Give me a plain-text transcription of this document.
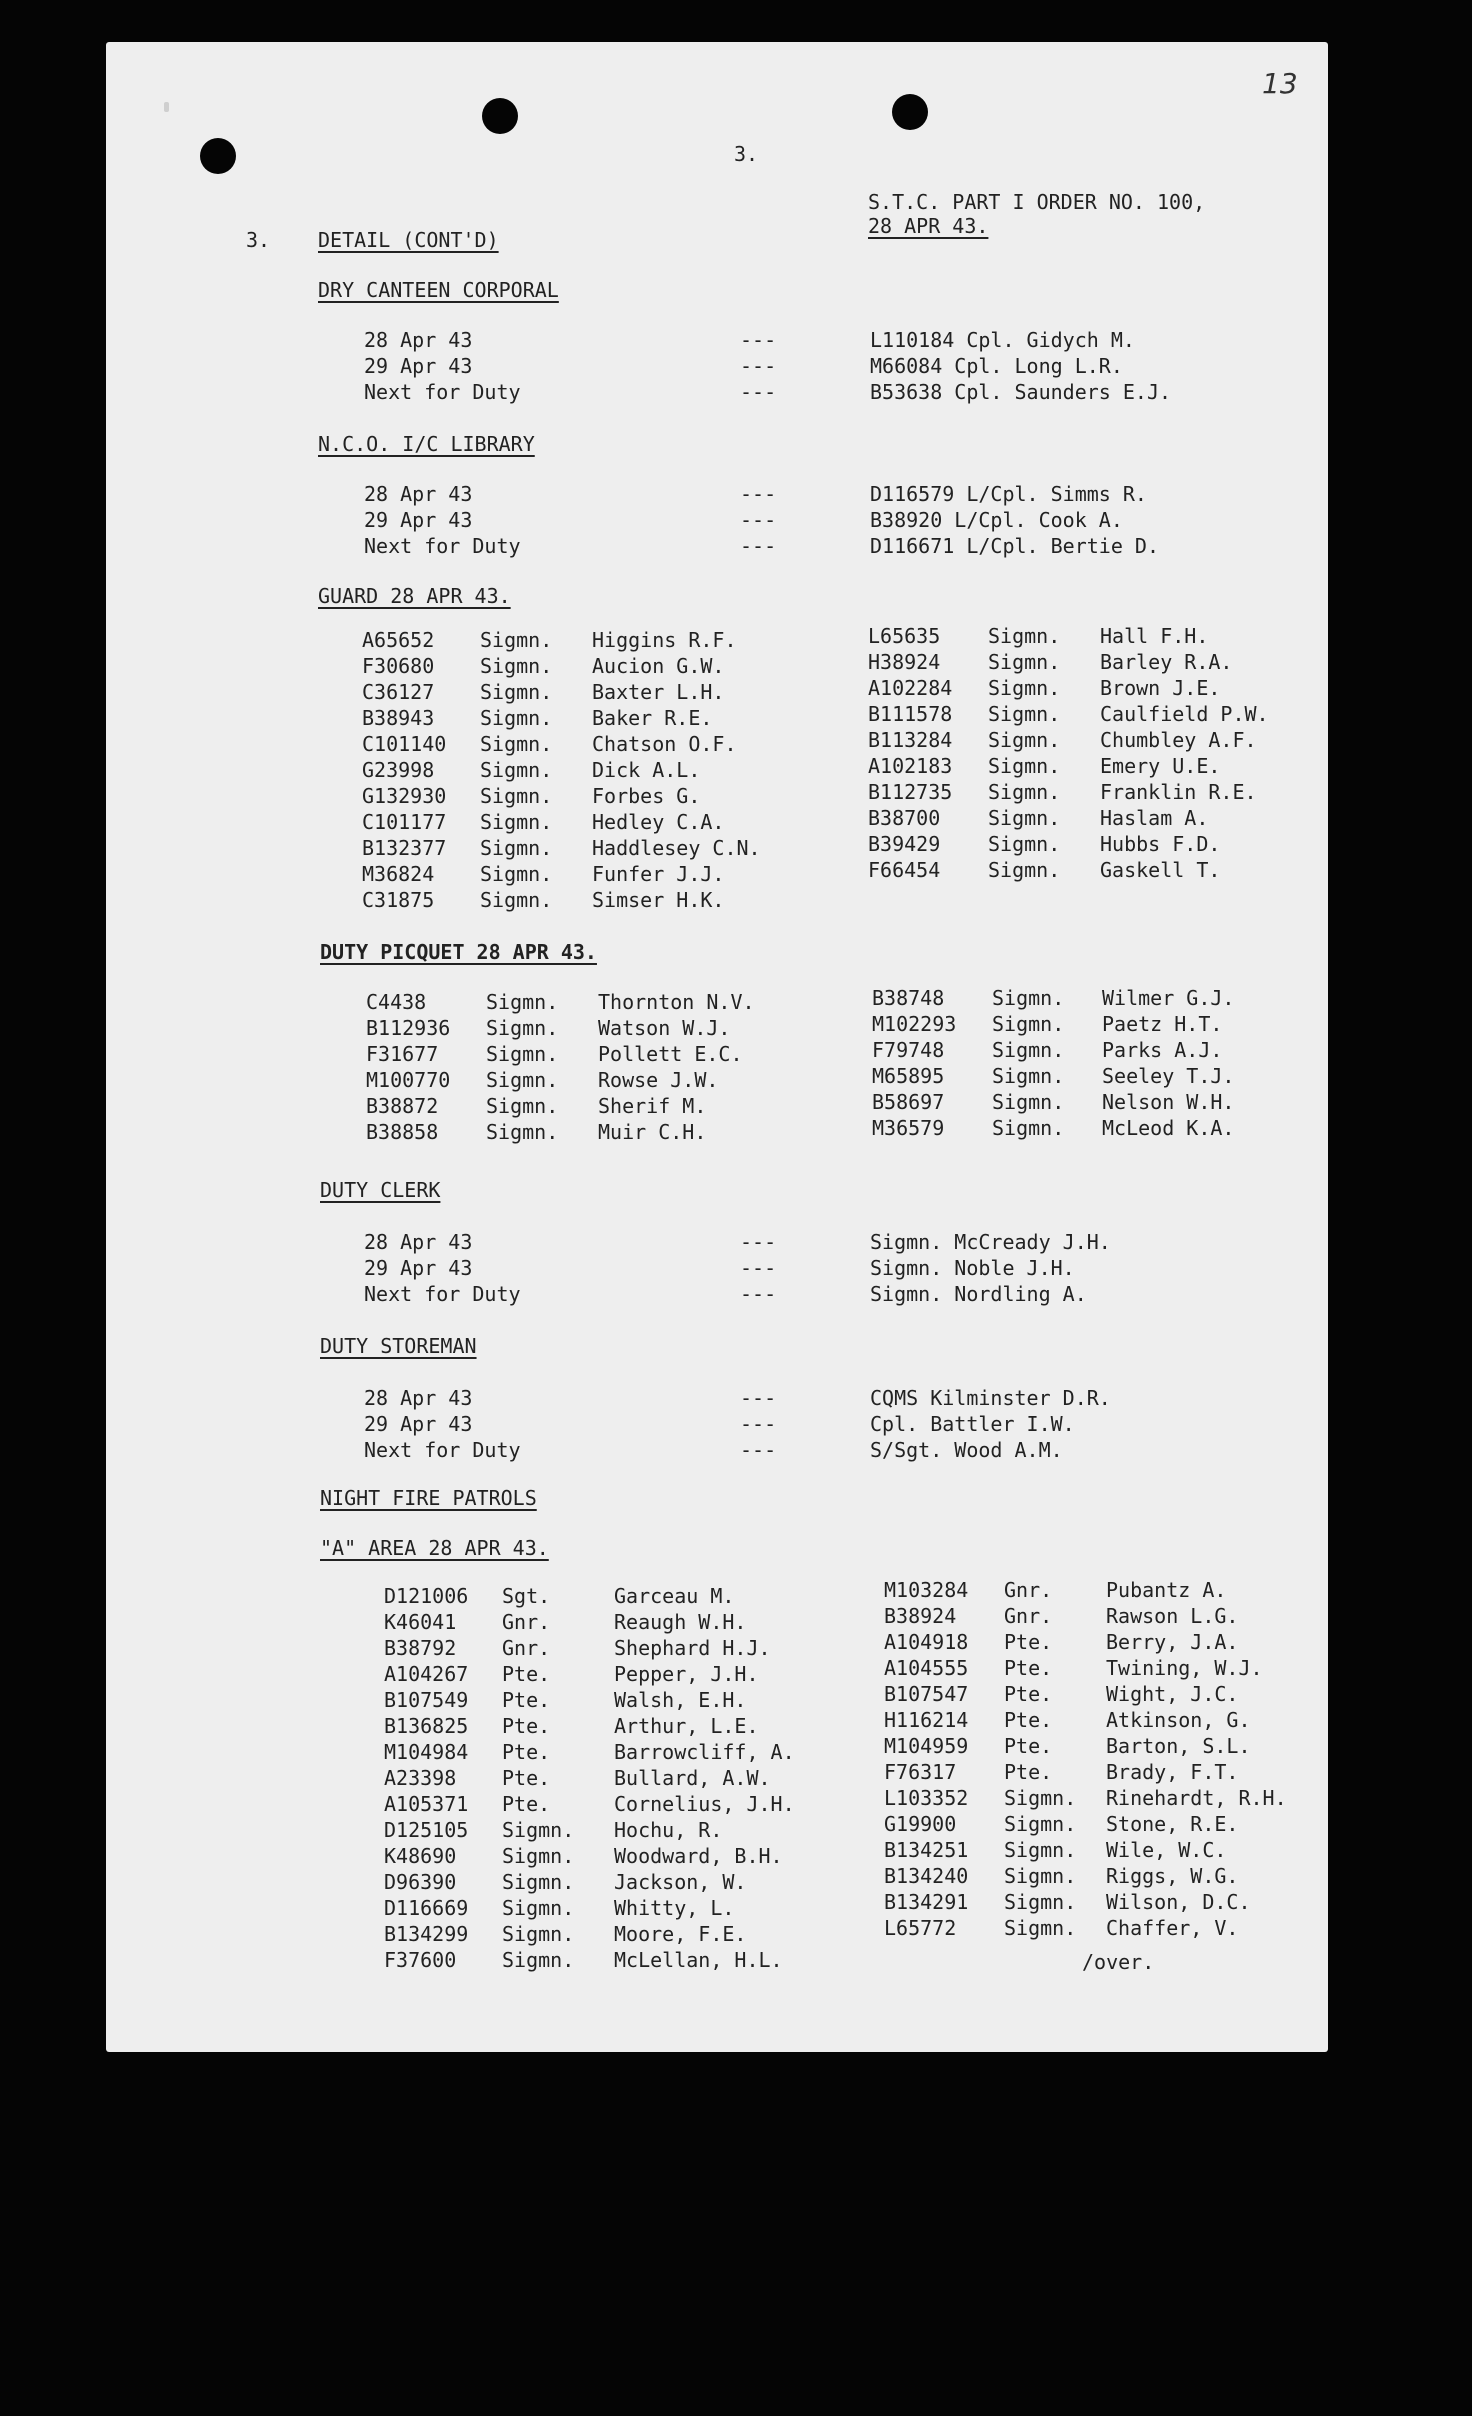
13
3.
S.T.C. PART I ORDER NO. 100,
28 APR 43.
3. DETAIL (CONT'D)
DRY CANTEEN CORPORAL
28 Apr 43	---	L110184 Cpl. Gidych M.
29 Apr 43	---	M66084 Cpl. Long L.R.
Next for Duty	---	B53638 Cpl. Saunders E.J.
N.C.O. I/C LIBRARY
28 Apr 43	---	D116579 L/Cpl. Simms R.
29 Apr 43	---	B38920 L/Cpl. Cook A.
Next for Duty	---	D116671 L/Cpl. Bertie D.
GUARD 28 APR 43.
A65652 Sigmn. Higgins R.F.
F30680 Sigmn. Aucion G.W.
C36127 Sigmn. Baxter L.H.
B38943 Sigmn. Baker R.E.
C101140 Sigmn. Chatson O.F.
G23998 Sigmn. Dick A.L.
G132930 Sigmn. Forbes G.
C101177 Sigmn. Hedley C.A.
B132377 Sigmn. Haddlesey C.N.
M36824 Sigmn. Funfer J.J.
C31875 Sigmn. Simser H.K.
L65635 Sigmn. Hall F.H.
H38924 Sigmn. Barley R.A.
A102284 Sigmn. Brown J.E.
B111578 Sigmn. Caulfield P.W.
B113284 Sigmn. Chumbley A.F.
A102183 Sigmn. Emery U.E.
B112735 Sigmn. Franklin R.E.
B38700 Sigmn. Haslam A.
B39429 Sigmn. Hubbs F.D.
F66454 Sigmn. Gaskell T.
DUTY PICQUET 28 APR 43.
C4438	Sigmn. Thornton N.V.
B112936 Sigmn. Watson W.J.
F31677 Sigmn. Pollett E.C.
M100770 Sigmn. Rowse J.W.
B38872 Sigmn. Sherif M.
B38858 Sigmn. Muir C.H.
B38748 Sigmn. Wilmer G.J.
M102293 Sigmn. Paetz H.T.
F79748 Sigmn. Parks A.J.
M65895 Sigmn. Seeley T.J.
B58697 Sigmn. Nelson W.H.
M36579 Sigmn. McLeod K.A.
DUTY CLERK
28 Apr 43	---	Sigmn. McCready J.H.
29 Apr 43	---	Sigmn. Noble J.H.
Next for Duty	---	Sigmn. Nordling A.
DUTY STOREMAN
28 Apr 43	---	CQMS Kilminster D.R.
29 Apr 43	---	Cpl. Battler I.W.
Next for Duty	---	S/Sgt. Wood A.M.
NIGHT FIRE PATROLS
"A" AREA 28 APR 43.
D121006 Sgt.	Garceau M.
K46041 Gnr.	Reaugh W.H.
B38792 Gnr.	Shephard H.J.
A104267 Pte.	Pepper, J.H.
B107549 Pte.	Walsh, E.H.
B136825 Pte.	Arthur, L.E.
M104984 Pte.	Barrowcliff, A.
A23398 Pte.	Bullard, A.W.
A105371 Pte.	Cornelius, J.H.
D125105 Sigmn. Hochu, R.
K48690 Sigmn. Woodward, B.H.
D96390 Sigmn. Jackson, W.
D116669 Sigmn. Whitty, L.
B134299 Sigmn. Moore, F.E.
F37600 Sigmn. McLellan, H.L.
M103284 Gnr.	Pubantz A.
B38924 Gnr.	Rawson L.G.
A104918 Pte.	Berry, J.A.
A104555 Pte.	Twining, W.J.
B107547 Pte.	Wight, J.C.
H116214 Pte.	Atkinson, G.
M104959 Pte.	Barton, S.L.
F76317 Pte.	Brady, F.T.
L103352 Sigmn. Rinehardt, R.H.
G19900 Sigmn. Stone, R.E.
B134251 Sigmn. Wile, W.C.
B134240 Sigmn. Riggs, W.G.
B134291 Sigmn. Wilson, D.C.
L65772 Sigmn. Chaffer, V.
/over.
